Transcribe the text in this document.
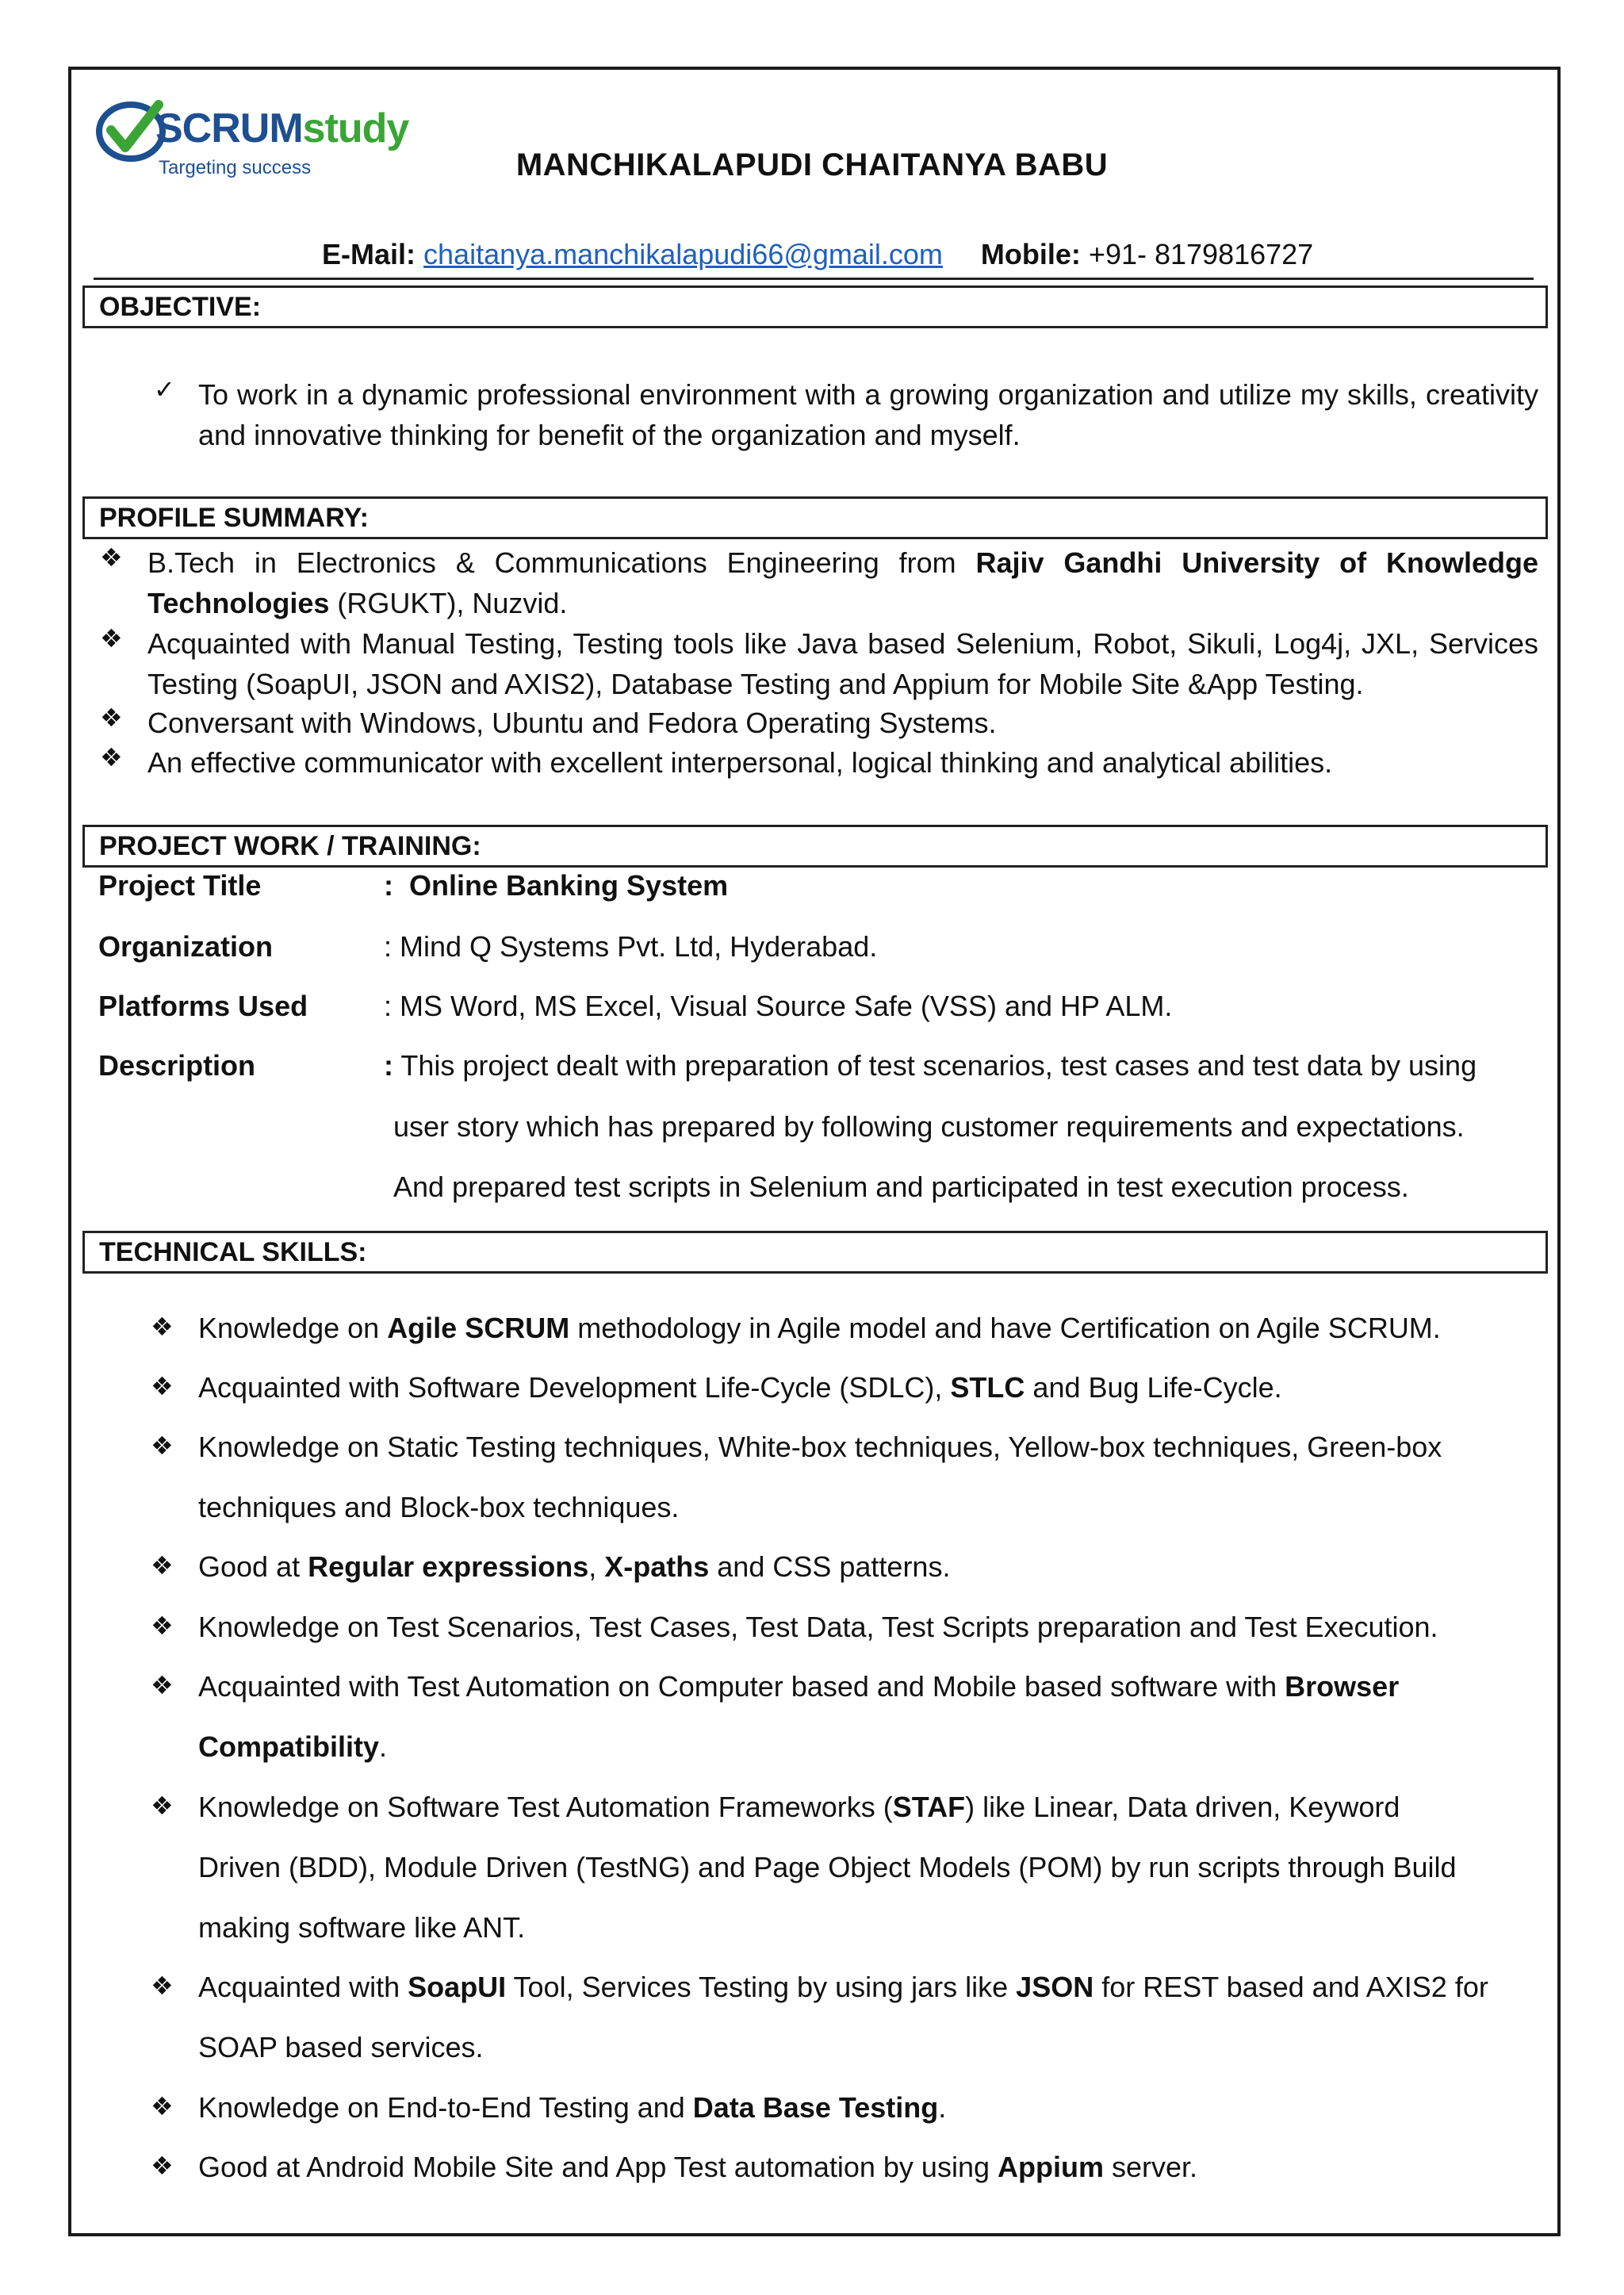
SCRUMstudy
Targeting success	MANCHIKALAPUDI CHAITANYA BABU
E-Mail: chaitanya.manchikalapudi66@gmail.com Mobile: +91- 8179816727
OBJECTIVE:
✓ To work in a dynamic professional environment with a growing organization and utilize my skills, creativity and innovative thinking for benefit of the organization and myself.
PROFILE SUMMARY:
❖ B.Tech in Electronics & Communications Engineering from Rajiv Gandhi University of Knowledge Technologies (RGUKT), Nuzvid.
❖ Acquainted with Manual Testing, Testing tools like Java based Selenium, Robot, Sikuli, Log4j, JXL, Services Testing (SoapUI, JSON and AXIS2), Database Testing and Appium for Mobile Site &App Testing.
❖ Conversant with Windows, Ubuntu and Fedora Operating Systems.
❖ An effective communicator with excellent interpersonal, logical thinking and analytical abilities.
PROJECT WORK / TRAINING:
Project Title	: Online Banking System
Organization	: Mind Q Systems Pvt. Ltd, Hyderabad.
Platforms Used	: MS Word, MS Excel, Visual Source Safe (VSS) and HP ALM.
Description	: This project dealt with preparation of test scenarios, test cases and test data by using
user story which has prepared by following customer requirements and expectations.
And prepared test scripts in Selenium and participated in test execution process.
TECHNICAL SKILLS:
❖ Knowledge on Agile SCRUM methodology in Agile model and have Certification on Agile SCRUM.
❖ Acquainted with Software Development Life-Cycle (SDLC), STLC and Bug Life-Cycle.
❖ Knowledge on Static Testing techniques, White-box techniques, Yellow-box techniques, Green-box
techniques and Block-box techniques.
❖ Good at Regular expressions, X-paths and CSS patterns.
❖ Knowledge on Test Scenarios, Test Cases, Test Data, Test Scripts preparation and Test Execution.
❖ Acquainted with Test Automation on Computer based and Mobile based software with Browser
Compatibility.
❖ Knowledge on Software Test Automation Frameworks (STAF) like Linear, Data driven, Keyword
Driven (BDD), Module Driven (TestNG) and Page Object Models (POM) by run scripts through Build
making software like ANT.
❖ Acquainted with SoapUI Tool, Services Testing by using jars like JSON for REST based and AXIS2 for
SOAP based services.
❖ Knowledge on End-to-End Testing and Data Base Testing.
❖ Good at Android Mobile Site and App Test automation by using Appium server.
